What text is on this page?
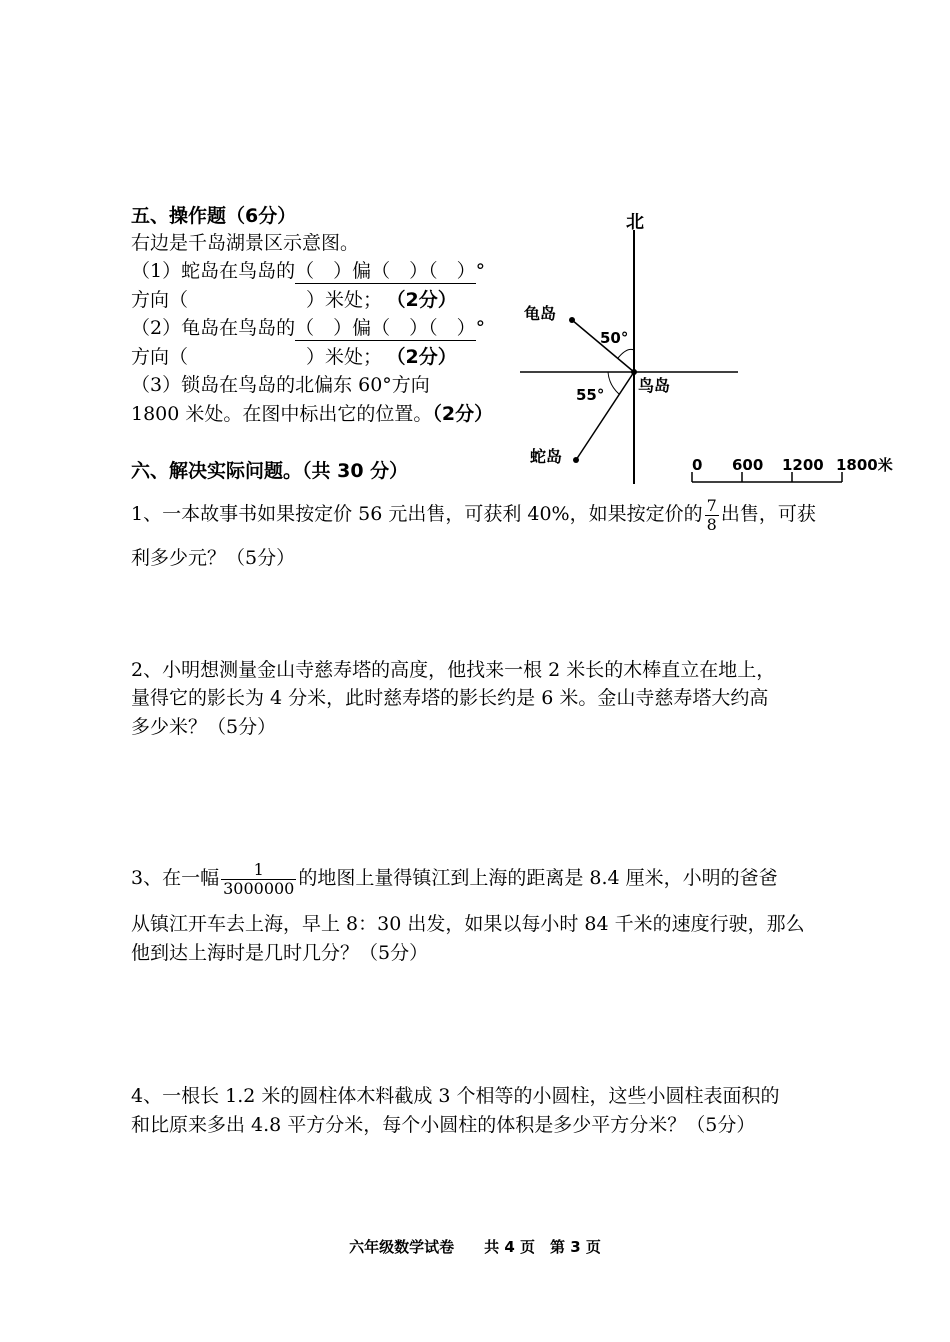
五、操作题（6分）
右边是千岛湖景区示意图。
（1）蛇岛在鸟岛的（　）偏（　）（　）°
方向（	）米处； （2分）
（2）龟岛在鸟岛的（　）偏（　）（　）°
方向（	）米处； （2分）
（3）锁岛在鸟岛的北偏东 60°方向
1800 米处。在图中标出它的位置。（2分）
北
龟岛
50°
蛇岛
55° 鸟岛
0 600 1200 1800米
六、解决实际问题。（共 30 分）
1、一本故事书如果按定价 56 元出售，可获利 40%，如果按定价的 $\frac{7}{8}$ 出售，可获
利多少元？（5分）
2、小明想测量金山寺慈寿塔的高度，他找来一根 2 米长的木棒直立在地上，
量得它的影长为 4 分米，此时慈寿塔的影长约是 6 米。金山寺慈寿塔大约高
多少米？（5分）
3、在一幅 $\frac{1}{3000000}$ 的地图上量得镇江到上海的距离是 8.4 厘米，小明的爸爸
从镇江开车去上海，早上 8：30 出发，如果以每小时 84 千米的速度行驶，那么
他到达上海时是几时几分？（5分）
4、一根长 1.2 米的圆柱体木料截成 3 个相等的小圆柱，这些小圆柱表面积的
和比原来多出 4.8 平方分米，每个小圆柱的体积是多少平方分米？（5分）
六年级数学试卷　　共 4 页　第 3 页
